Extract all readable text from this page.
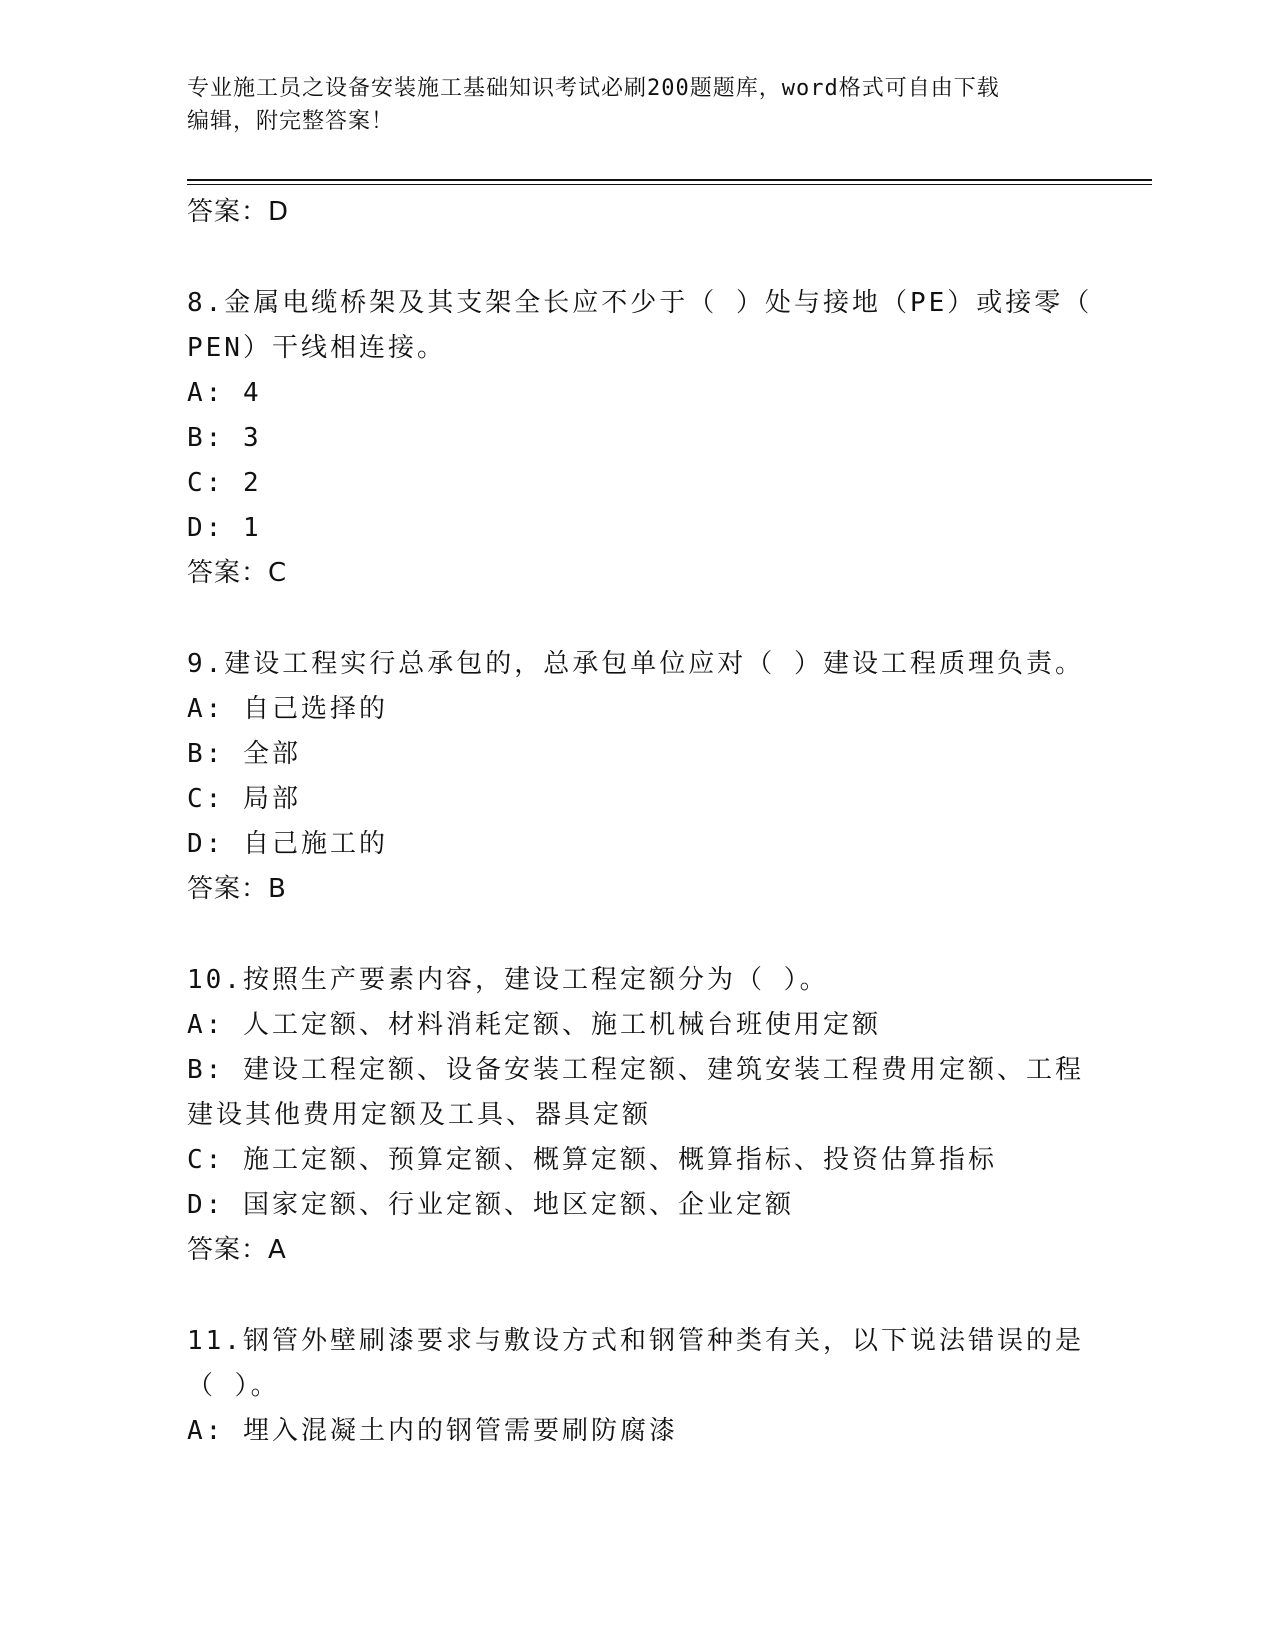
专业施工员之设备安装施工基础知识考试必刷200题题库，word格式可自由下载
编辑，附完整答案！
答案：D
8.金属电缆桥架及其支架全长应不少于（ ）处与接地（PE）或接零（
PEN）干线相连接。
A: 4
B: 3
C: 2
D: 1
答案：C
9.建设工程实行总承包的，总承包单位应对（ ）建设工程质理负责。
A: 自己选择的
B: 全部
C: 局部
D: 自己施工的
答案：B
10.按照生产要素内容，建设工程定额分为（ ）。
A: 人工定额、材料消耗定额、施工机械台班使用定额
B: 建设工程定额、设备安装工程定额、建筑安装工程费用定额、工程
建设其他费用定额及工具、器具定额
C: 施工定额、预算定额、概算定额、概算指标、投资估算指标
D: 国家定额、行业定额、地区定额、企业定额
答案：A
11.钢管外壁刷漆要求与敷设方式和钢管种类有关，以下说法错误的是
（ ）。
A: 埋入混凝土内的钢管需要刷防腐漆
